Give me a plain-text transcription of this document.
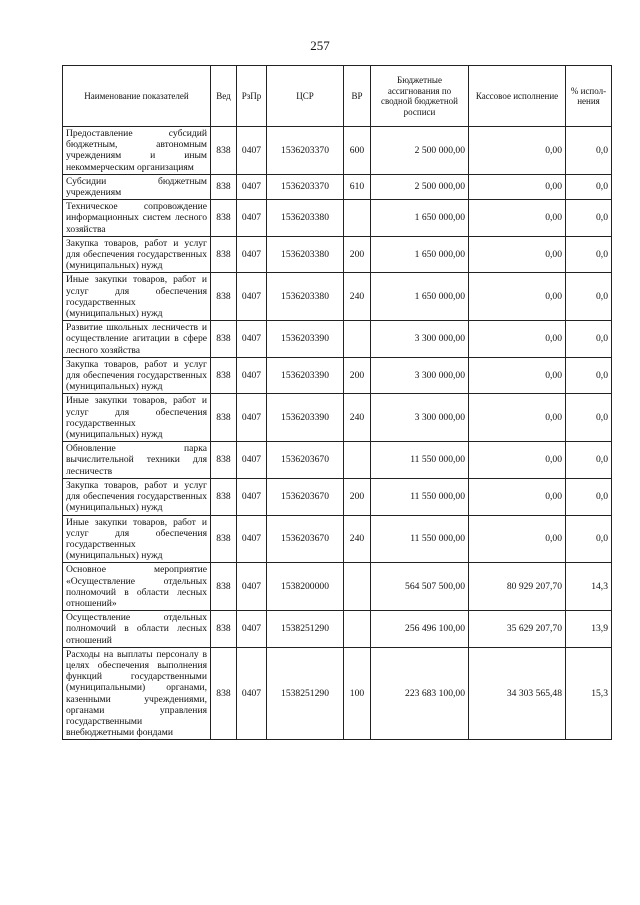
257
Наименование показателей	Вед	РзПр	ЦСР	ВР	Бюджетные ассигнования по сводной бюджетной росписи	Кассовое исполнение	% испол-нения
Предоставление субсидий бюджетным, автономным учреждениям и иным некоммерческим организациям	838	0407	1536203370	600	2 500 000,00	0,00	0,0
Субсидии бюджетным учреждениям	838	0407	1536203370	610	2 500 000,00	0,00	0,0
Техническое сопровождение информационных систем лесного хозяйства	838	0407	1536203380		1 650 000,00	0,00	0,0
Закупка товаров, работ и услуг для обеспечения государственных (муниципальных) нужд	838	0407	1536203380	200	1 650 000,00	0,00	0,0
Иные закупки товаров, работ и услуг для обеспечения государственных (муниципальных) нужд	838	0407	1536203380	240	1 650 000,00	0,00	0,0
Развитие школьных лесничеств и осуществление агитации в сфере лесного хозяйства	838	0407	1536203390		3 300 000,00	0,00	0,0
Закупка товаров, работ и услуг для обеспечения государственных (муниципальных) нужд	838	0407	1536203390	200	3 300 000,00	0,00	0,0
Иные закупки товаров, работ и услуг для обеспечения государственных (муниципальных) нужд	838	0407	1536203390	240	3 300 000,00	0,00	0,0
Обновление парка вычислительной техники для лесничеств	838	0407	1536203670		11 550 000,00	0,00	0,0
Закупка товаров, работ и услуг для обеспечения государственных (муниципальных) нужд	838	0407	1536203670	200	11 550 000,00	0,00	0,0
Иные закупки товаров, работ и услуг для обеспечения государственных (муниципальных) нужд	838	0407	1536203670	240	11 550 000,00	0,00	0,0
Основное мероприятие «Осуществление отдельных полномочий в области лесных отношений»	838	0407	1538200000		564 507 500,00	80 929 207,70	14,3
Осуществление отдельных полномочий в области лесных отношений	838	0407	1538251290		256 496 100,00	35 629 207,70	13,9
Расходы на выплаты персоналу в целях обеспечения выполнения функций государственными (муниципальными) органами, казенными учреждениями, органами управления государственными внебюджетными фондами	838	0407	1538251290	100	223 683 100,00	34 303 565,48	15,3
